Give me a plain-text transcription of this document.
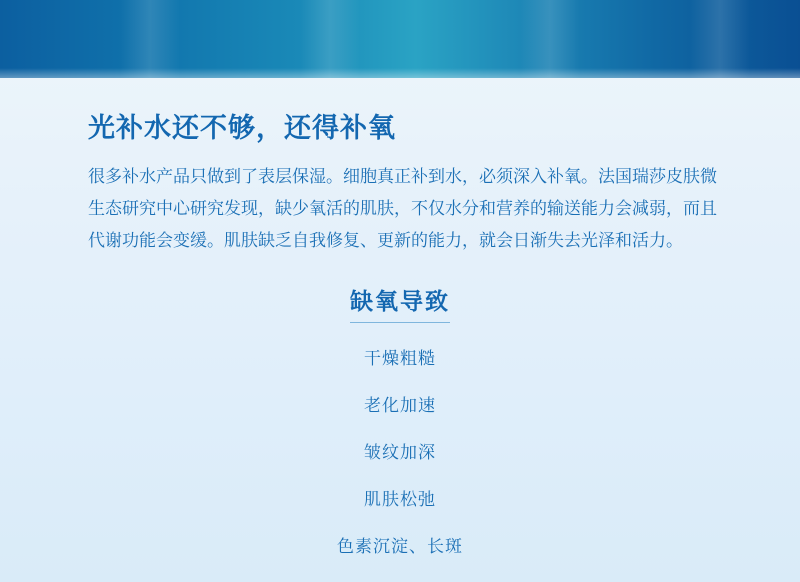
光补水还不够，还得补氧

很多补水产品只做到了表层保湿。细胞真正补到水，必须深入补氧。法国瑞莎皮肤微生态研究中心研究发现，缺少氧活的肌肤，不仅水分和营养的输送能力会减弱，而且代谢功能会变缓。肌肤缺乏自我修复、更新的能力，就会日渐失去光泽和活力。

缺氧导致
干燥粗糙
老化加速
皱纹加深
肌肤松弛
色素沉淀、长斑
